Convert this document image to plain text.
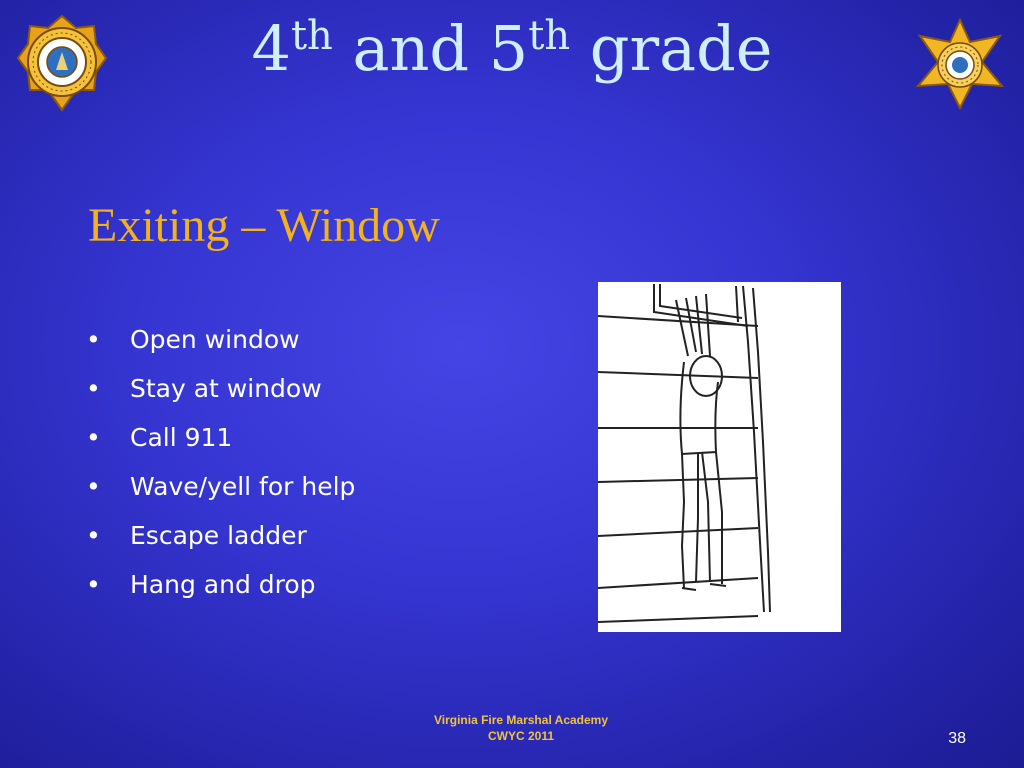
4th and 5th grade
Exiting – Window
• Open window
• Stay at window
• Call 911
• Wave/yell for help
• Escape ladder
• Hang and drop
Virginia Fire Marshal Academy
CWYC 2011	38
